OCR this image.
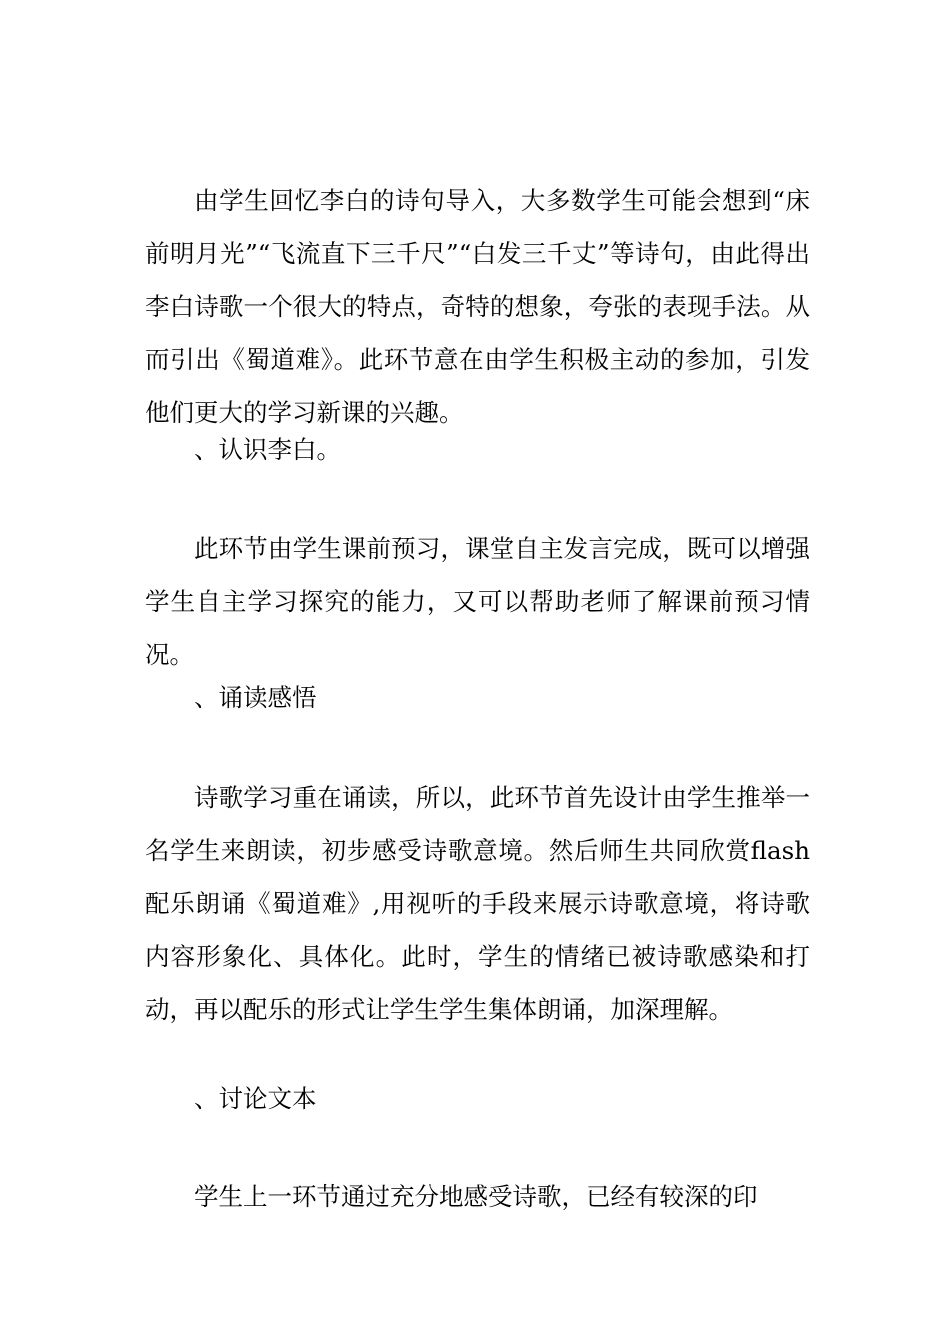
由学生回忆李白的诗句导入，大多数学生可能会想到“床前明月光”“飞流直下三千尺”“白发三千丈”等诗句，由此得出李白诗歌一个很大的特点，奇特的想象，夸张的表现手法。从而引出《蜀道难》。此环节意在由学生积极主动的参加，引发他们更大的学习新课的兴趣。

、认识李白。

此环节由学生课前预习，课堂自主发言完成，既可以增强学生自主学习探究的能力，又可以帮助老师了解课前预习情况。

、诵读感悟

诗歌学习重在诵读，所以，此环节首先设计由学生推举一名学生来朗读，初步感受诗歌意境。然后师生共同欣赏flash配乐朗诵《蜀道难》,用视听的手段来展示诗歌意境，将诗歌内容形象化、具体化。此时，学生的情绪已被诗歌感染和打动，再以配乐的形式让学生学生集体朗诵，加深理解。

、讨论文本

学生上一环节通过充分地感受诗歌，已经有较深的印
